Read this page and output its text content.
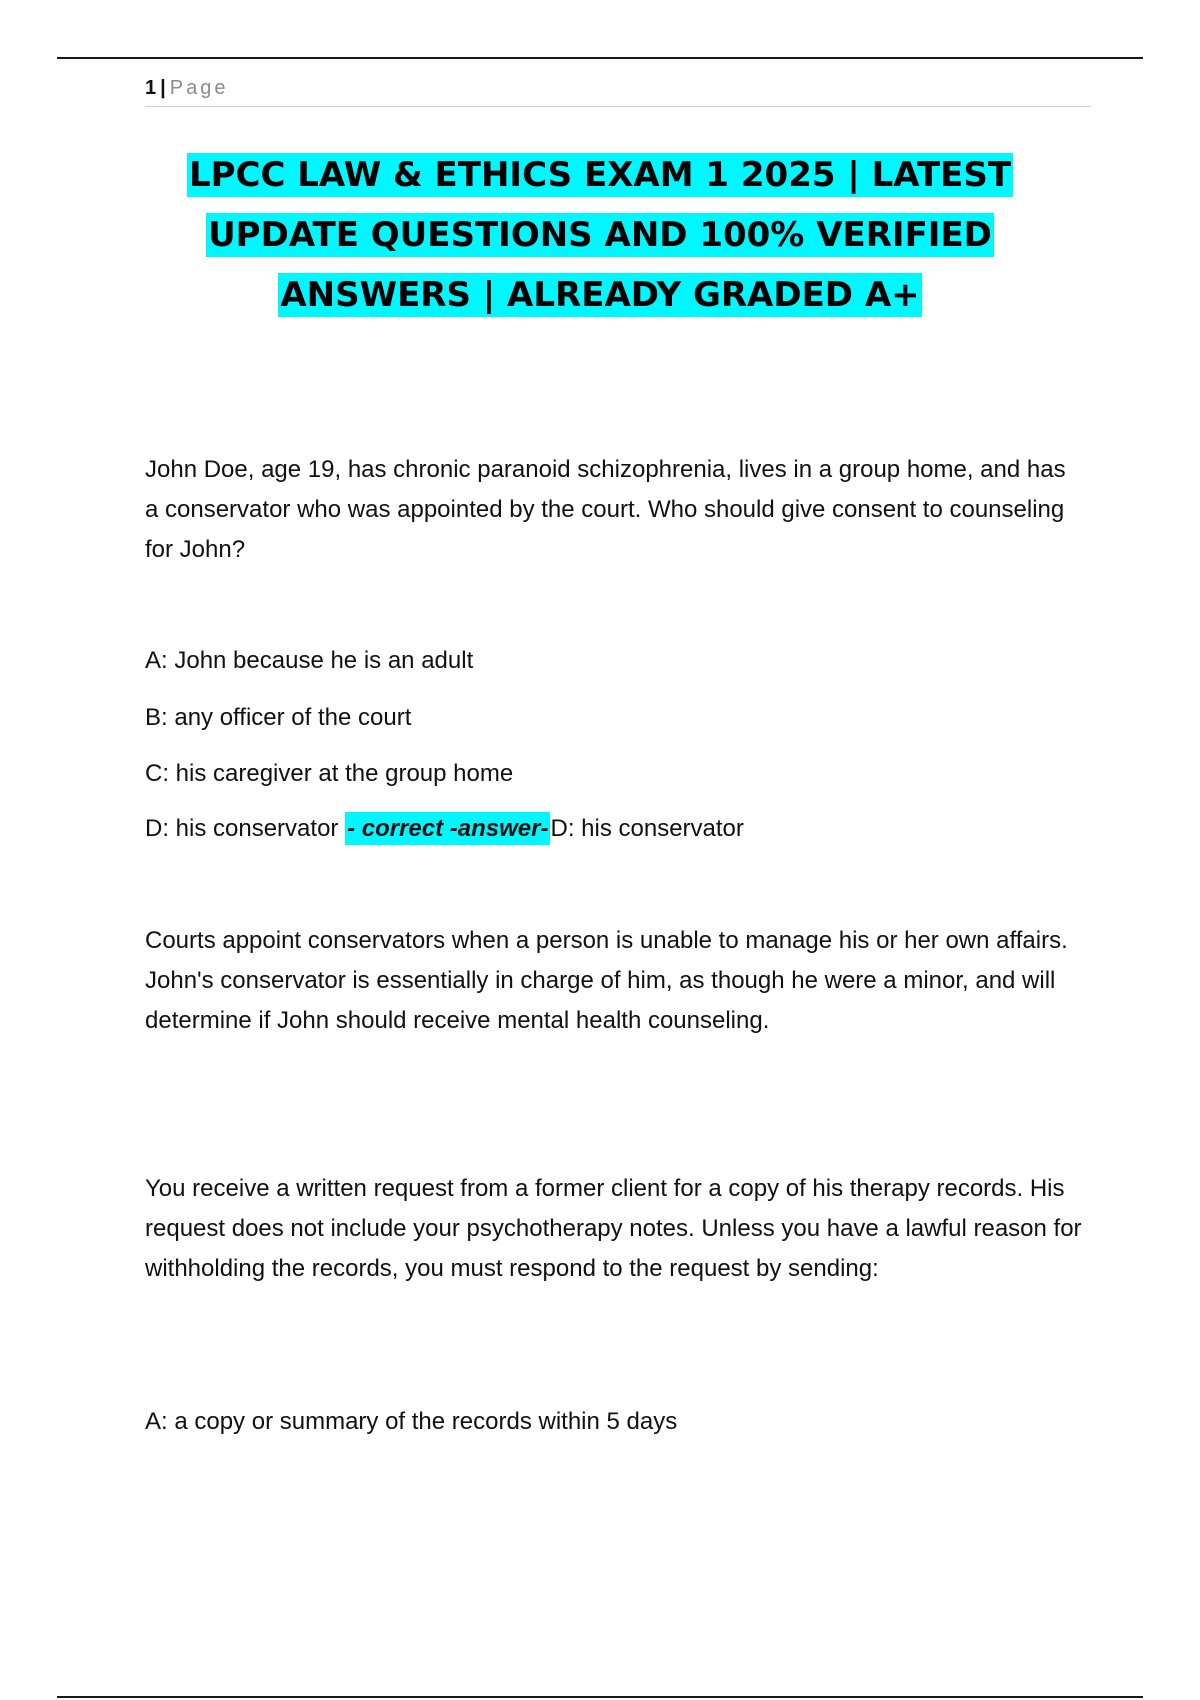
1 | Page
LPCC LAW & ETHICS EXAM 1 2025 | LATEST
UPDATE QUESTIONS AND 100% VERIFIED
ANSWERS | ALREADY GRADED A+
John Doe, age 19, has chronic paranoid schizophrenia, lives in a group home, and has a conservator who was appointed by the court. Who should give consent to counseling for John?
A: John because he is an adult
B: any officer of the court
C: his caregiver at the group home
D: his conservator - correct -answer-D: his conservator
Courts appoint conservators when a person is unable to manage his or her own affairs. John's conservator is essentially in charge of him, as though he were a minor, and will determine if John should receive mental health counseling.
You receive a written request from a former client for a copy of his therapy records. His request does not include your psychotherapy notes. Unless you have a lawful reason for withholding the records, you must respond to the request by sending:
A: a copy or summary of the records within 5 days
